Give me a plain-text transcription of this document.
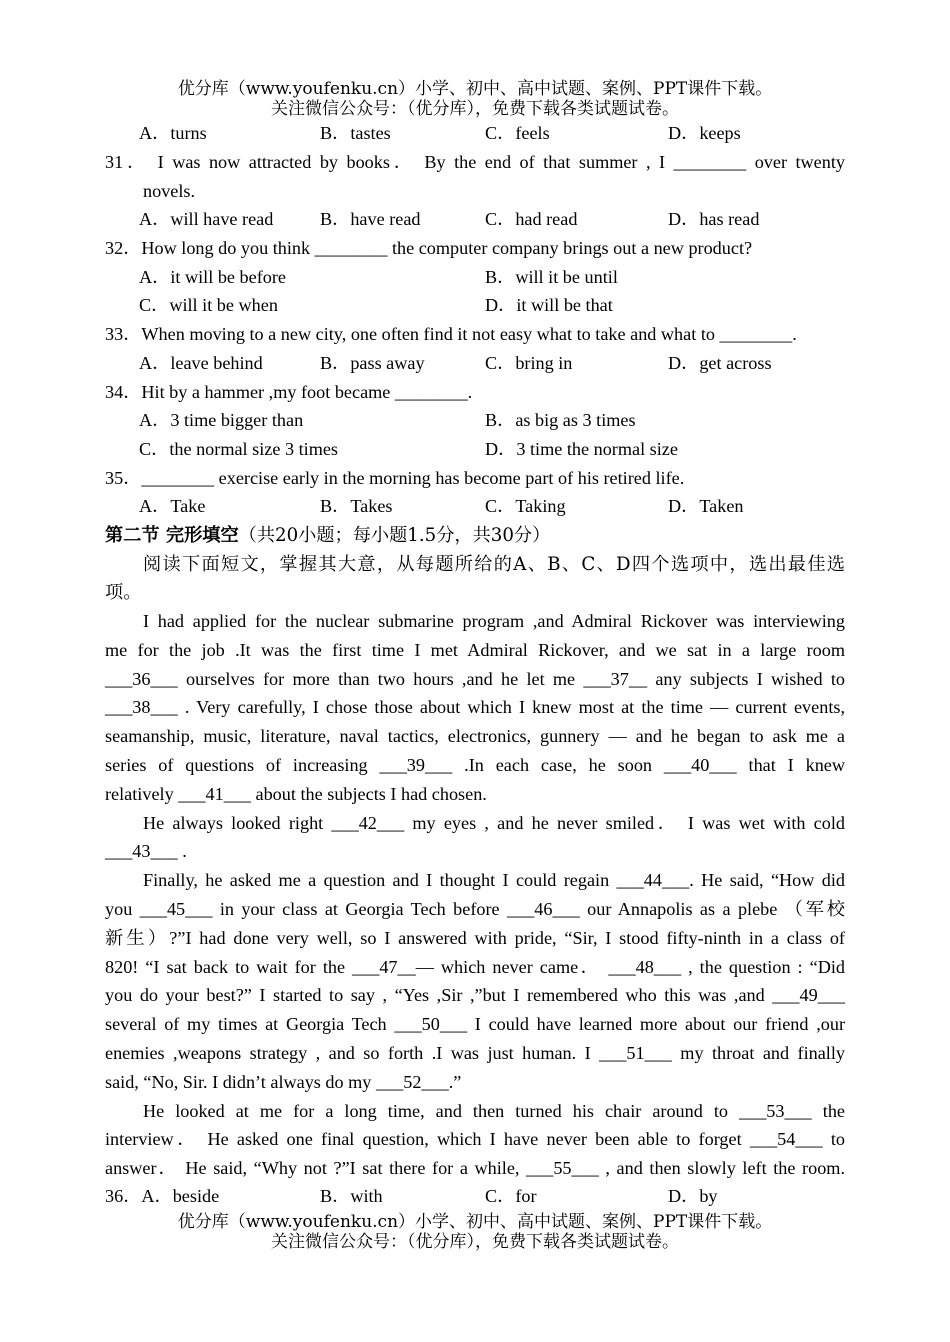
优分库（www.youfenku.cn）小学、初中、高中试题、案例、PPT课件下载。
关注微信公众号：（优分库），免费下载各类试题试卷。
A．turns	B．tastes	C．feels	D．keeps
31． I was now attracted by books． By the end of that summer , I ________ over twenty
novels.
A．will have read	B．have read	C．had read	D．has read
32．How long do you think ________ the computer company brings out a new product?
A．it will be before	B．will it be until
C．will it be when	D．it will be that
33．When moving to a new city, one often find it not easy what to take and what to ________.
A．leave behind	B．pass away	C．bring in	D．get across
34．Hit by a hammer ,my foot became ________.
A．3 time bigger than	B．as big as 3 times
C．the normal size 3 times	D．3 time the normal size
35．________ exercise early in the morning has become part of his retired life.
A．Take	B．Takes	C．Taking	D．Taken
第二节 完形填空（共20小题；每小题1.5分，共30分）
阅读下面短文，掌握其大意，从每题所给的A、B、C、D四个选项中，选出最佳选
项。
I had applied for the nuclear submarine program ,and Admiral Rickover was interviewing
me for the job .It was the first time I met Admiral Rickover, and we sat in a large room
___36___ ourselves for more than two hours ,and he let me ___37__ any subjects I wished to
___38___ . Very carefully, I chose those about which I knew most at the time — current events,
seamanship, music, literature, naval tactics, electronics, gunnery — and he began to ask me a
series of questions of increasing ___39___ .In each case, he soon ___40___ that I knew
relatively ___41___ about the subjects I had chosen.
He always looked right ___42___ my eyes , and he never smiled． I was wet with cold
___43___ .
Finally, he asked me a question and I thought I could regain ___44___. He said, “How did
you ___45___ in your class at Georgia Tech before ___46___ our Annapolis as a plebe （军校
新生）?”I had done very well, so I answered with pride, “Sir, I stood fifty-ninth in a class of
820! “I sat back to wait for the ___47__— which never came． ___48___ , the question : “Did
you do your best?” I started to say , “Yes ,Sir ,”but I remembered who this was ,and ___49___
several of my times at Georgia Tech ___50___ I could have learned more about our friend ,our
enemies ,weapons strategy , and so forth .I was just human. I ___51___ my throat and finally
said, “No, Sir. I didn’t always do my ___52___.”
He looked at me for a long time, and then turned his chair around to ___53___ the
interview． He asked one final question, which I have never been able to forget ___54___ to
answer． He said, “Why not ?”I sat there for a while, ___55___ , and then slowly left the room.
36．A．beside	B．with	C．for	D．by
优分库（www.youfenku.cn）小学、初中、高中试题、案例、PPT课件下载。
关注微信公众号：（优分库），免费下载各类试题试卷。
